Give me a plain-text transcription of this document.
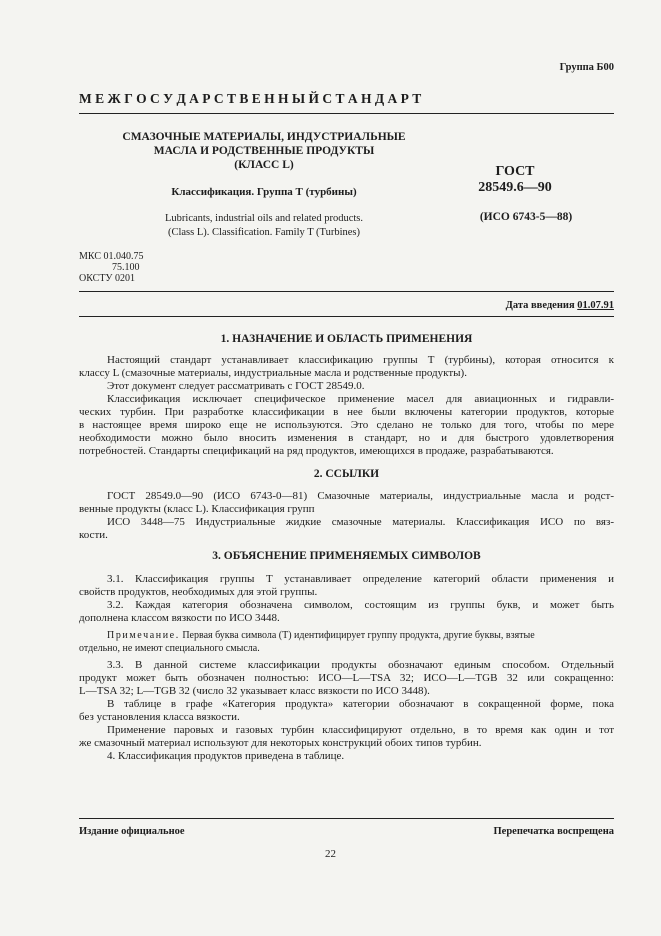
Группа Б00
М Е Ж Г О С У Д А Р С Т В Е Н Н Ы Й С Т А Н Д А Р Т
СМАЗОЧНЫЕ МАТЕРИАЛЫ, ИНДУСТРИАЛЬНЫЕ
МАСЛА И РОДСТВЕННЫЕ ПРОДУКТЫ
(КЛАСС L)
Классификация. Группа Т (турбины)
Lubricants, industrial oils and related products.
(Class L). Classification. Family T (Turbines)
ГОСТ
28549.6—90
(ИСО 6743-5—88)
МКС 01.040.75
75.100
ОКСТУ 0201
Дата введения 01.07.91
1. НАЗНАЧЕНИЕ И ОБЛАСТЬ ПРИМЕНЕНИЯ
Настоящий стандарт устанавливает классификацию группы Т (турбины), которая относится к
классу L (смазочные материалы, индустриальные масла и родственные продукты).
Этот документ следует рассматривать с ГОСТ 28549.0.
Классификация исключает специфическое применение масел для авиационных и гидравли-
ческих турбин. При разработке классификации в нее были включены категории продуктов, которые
в настоящее время широко еще не используются. Это сделано не только для того, чтобы по мере
необходимости можно было вносить изменения в стандарт, но и для быстрого удовлетворения
потребностей. Стандарты спецификаций на ряд продуктов, имеющихся в продаже, разрабатываются.
2. ССЫЛКИ
ГОСТ 28549.0—90 (ИСО 6743-0—81) Смазочные материалы, индустриальные масла и родст-
венные продукты (класс L). Классификация групп
ИСО 3448—75 Индустриальные жидкие смазочные материалы. Классификация ИСО по вяз-
кости.
3. ОБЪЯСНЕНИЕ ПРИМЕНЯЕМЫХ СИМВОЛОВ
3.1. Классификация группы Т устанавливает определение категорий области применения и
свойств продуктов, необходимых для этой группы.
3.2. Каждая категория обозначена символом, состоящим из группы букв, и может быть
дополнена классом вязкости по ИСО 3448.
Примечание. Первая буква символа (Т) идентифицирует группу продукта, другие буквы, взятые
отдельно, не имеют специального смысла.
3.3. В данной системе классификации продукты обозначают единым способом. Отдельный
продукт может быть обозначен полностью: ИСО—L—TSA 32; ИСО—L—TGB 32 или сокращенно:
L—TSA 32; L—TGB 32 (число 32 указывает класс вязкости по ИСО 3448).
В таблице в графе «Категория продукта» категории обозначают в сокращенной форме, пока
без установления класса вязкости.
Применение паровых и газовых турбин классифицируют отдельно, в то время как один и тот
же смазочный материал используют для некоторых конструкций обоих типов турбин.
4. Классификация продуктов приведена в таблице.
Издание официальное	Перепечатка воспрещена
22
